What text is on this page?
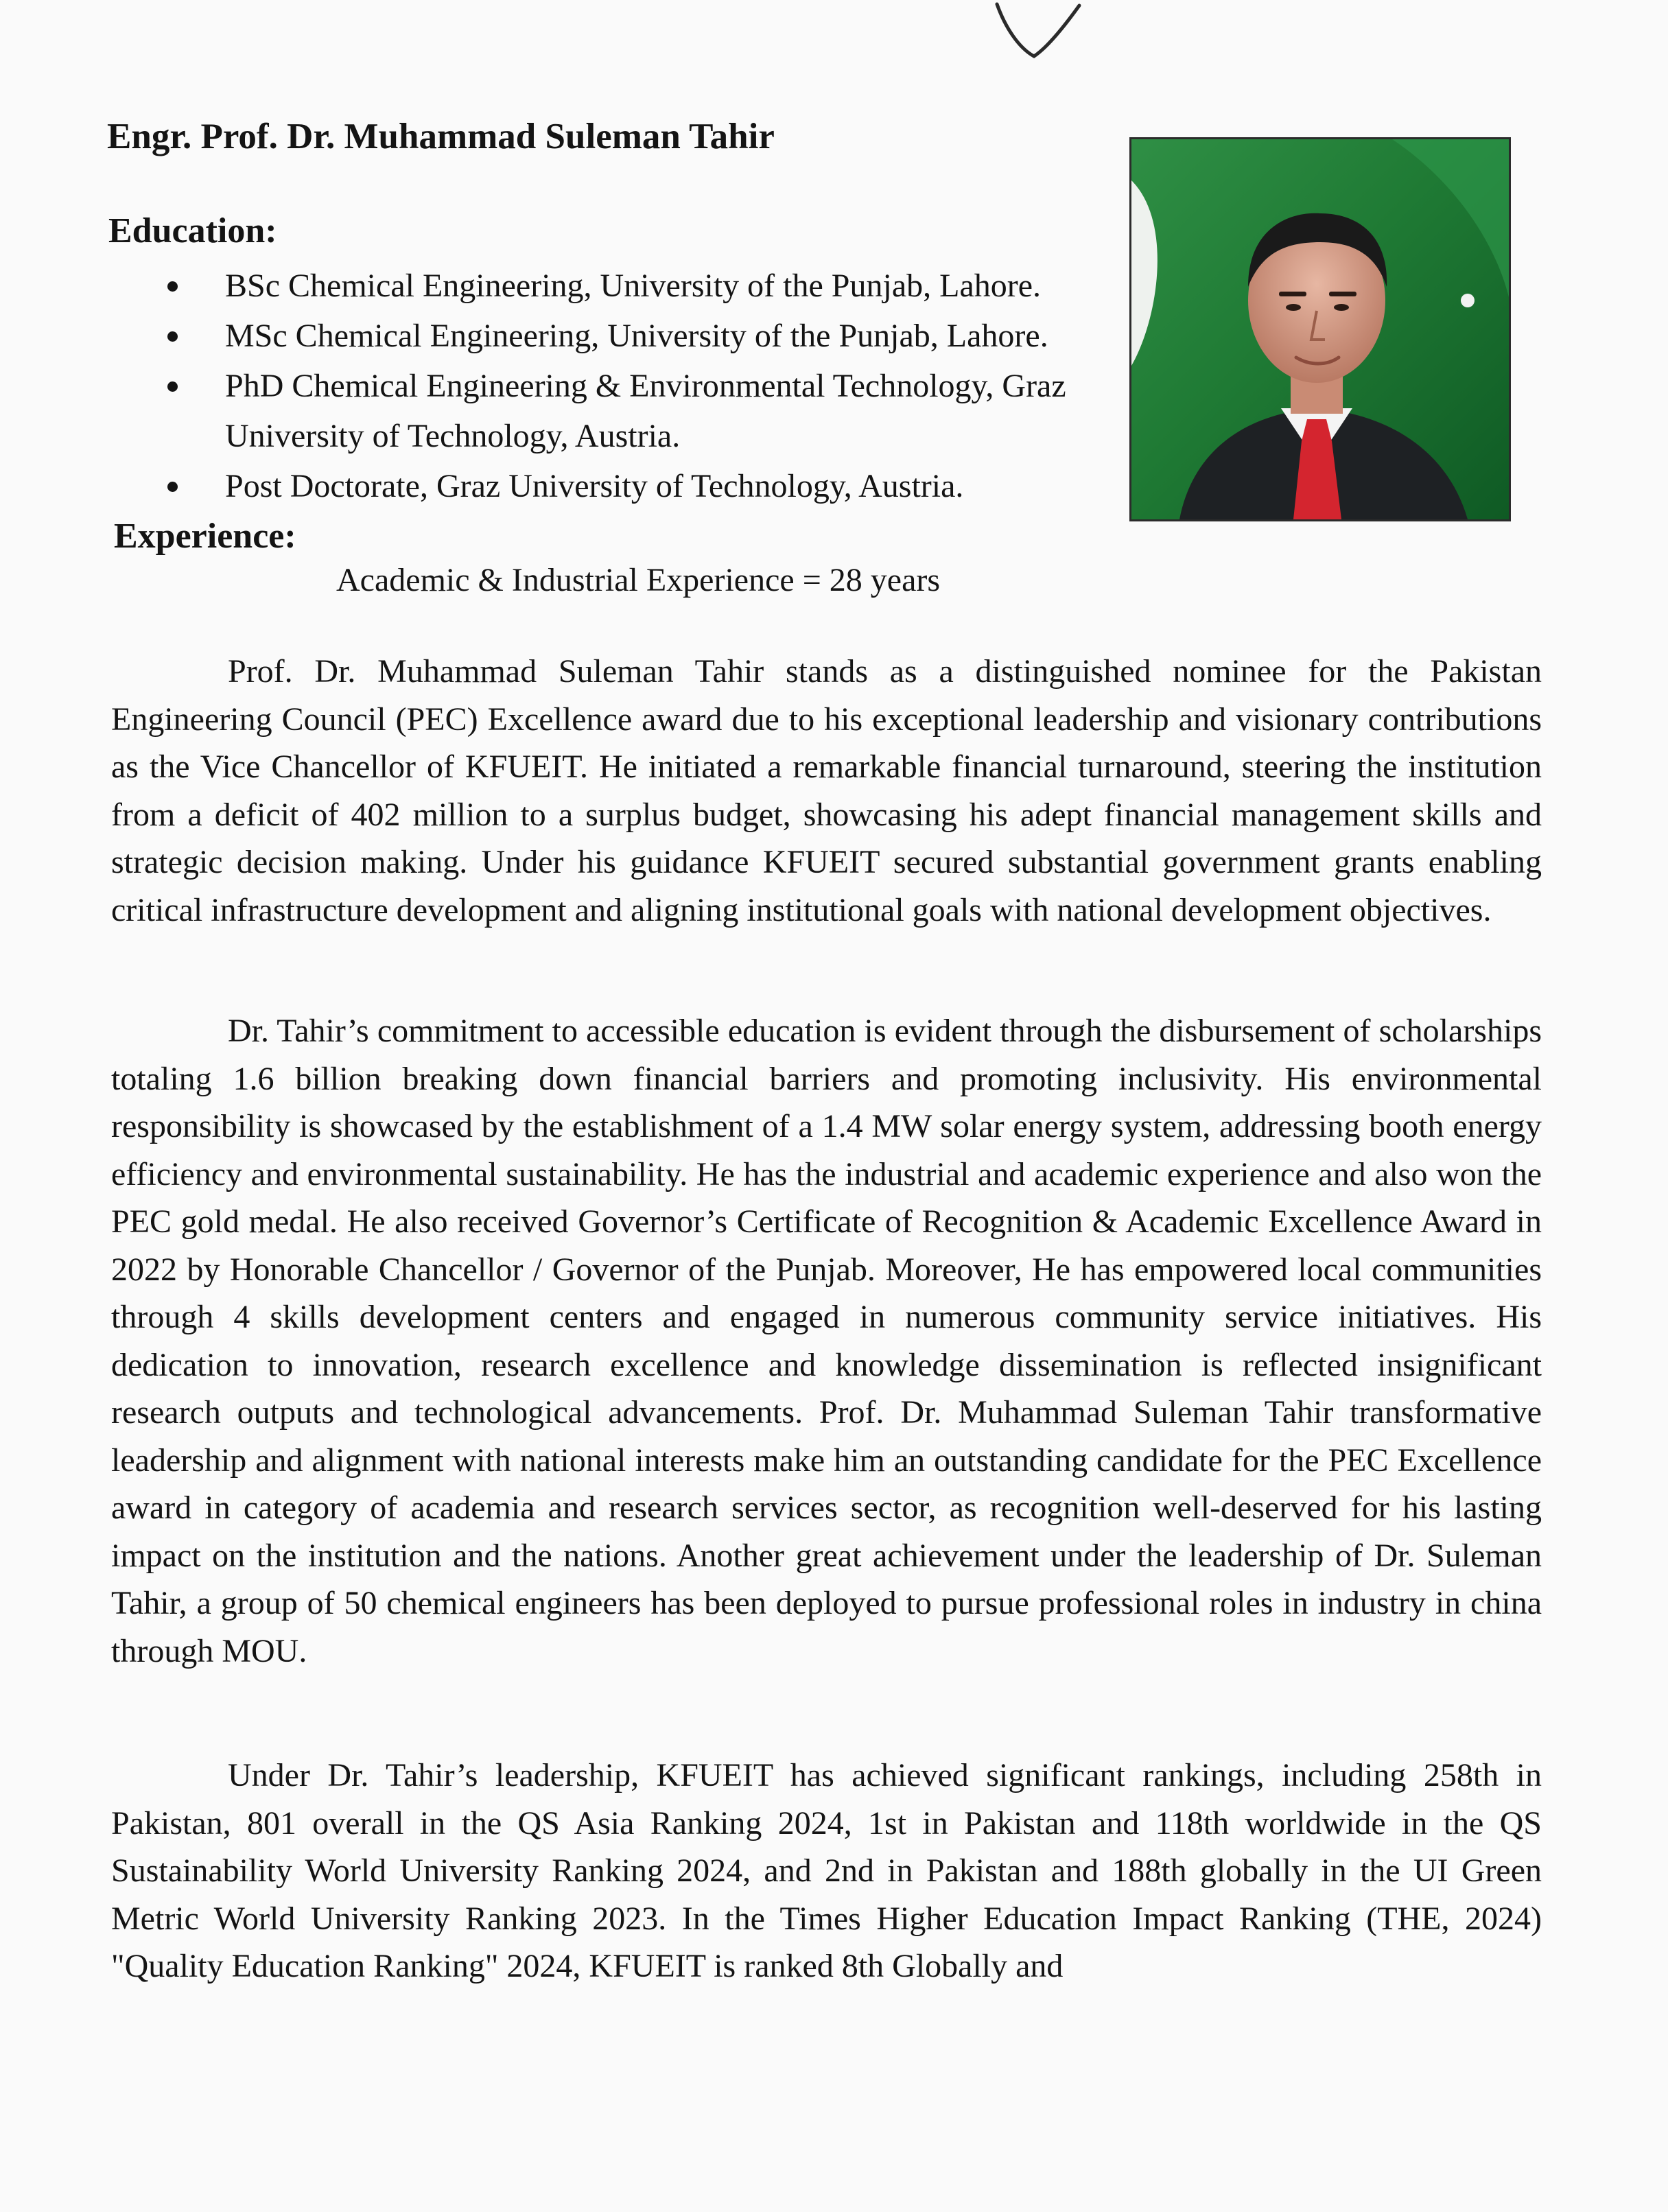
Engr. Prof. Dr. Muhammad Suleman Tahir
Education:
BSc Chemical Engineering, University of the Punjab, Lahore.
MSc Chemical Engineering, University of the Punjab, Lahore.
PhD Chemical Engineering & Environmental Technology, Graz University of Technology, Austria.
Post Doctorate, Graz University of Technology, Austria.
Experience:

Academic & Industrial Experience = 28 years

Prof. Dr. Muhammad Suleman Tahir stands as a distinguished nominee for the Pakistan Engineering Council (PEC) Excellence award due to his exceptional leadership and visionary contributions as the Vice Chancellor of KFUEIT. He initiated a remarkable financial turnaround, steering the institution from a deficit of 402 million to a surplus budget, showcasing his adept financial management skills and strategic decision making. Under his guidance KFUEIT secured substantial government grants enabling critical infrastructure development and aligning institutional goals with national development objectives.

Dr. Tahir’s commitment to accessible education is evident through the disbursement of scholarships totaling 1.6 billion breaking down financial barriers and promoting inclusivity. His environmental responsibility is showcased by the establishment of a 1.4 MW solar energy system, addressing booth energy efficiency and environmental sustainability. He has the industrial and academic experience and also won the PEC gold medal. He also received Governor’s Certificate of Recognition & Academic Excellence Award in 2022 by Honorable Chancellor / Governor of the Punjab. Moreover, He has empowered local communities through 4 skills development centers and engaged in numerous community service initiatives. His dedication to innovation, research excellence and knowledge dissemination is reflected insignificant research outputs and technological advancements. Prof. Dr. Muhammad Suleman Tahir transformative leadership and alignment with national interests make him an outstanding candidate for the PEC Excellence award in category of academia and research services sector, as recognition well-deserved for his lasting impact on the institution and the nations. Another great achievement under the leadership of Dr. Suleman Tahir, a group of 50 chemical engineers has been deployed to pursue professional roles in industry in china through MOU.

Under Dr. Tahir’s leadership, KFUEIT has achieved significant rankings, including 258th in Pakistan, 801 overall in the QS Asia Ranking 2024, 1st in Pakistan and 118th worldwide in the QS Sustainability World University Ranking 2024, and 2nd in Pakistan and 188th globally in the UI Green Metric World University Ranking 2023. In the Times Higher Education Impact Ranking (THE, 2024) "Quality Education Ranking" 2024, KFUEIT is ranked 8th Globally and
